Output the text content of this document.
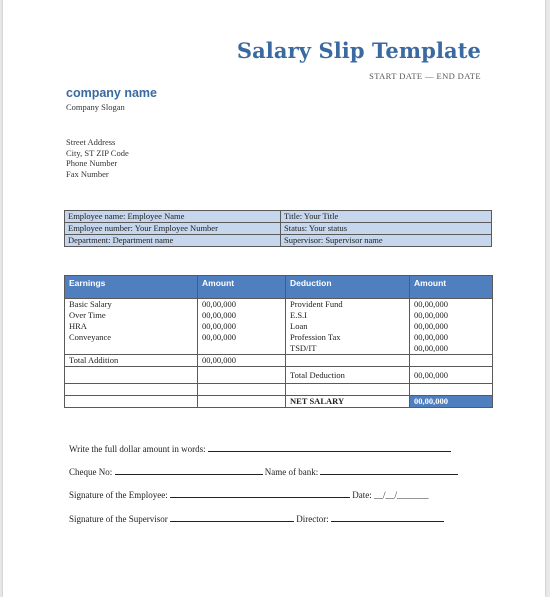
Salary Slip Template
START DATE — END DATE
company name
Company Slogan
Street Address
City, ST ZIP Code
Phone Number
Fax Number
Employee name: Employee Name	Title: Your Title
Employee number: Your Employee Number	Status: Your status
Department: Department name	Supervisor: Supervisor name
Earnings	Amount	Deduction	Amount
Basic Salary	00,00,000	Provident Fund	00,00,000
Over Time	00,00,000	E.S.I	00,00,000
HRA	00,00,000	Loan	00,00,000
Conveyance	00,00,000	Profession Tax	00,00,000
		TSD/IT	00,00,000
Total Addition	00,00,000		
		Total Deduction	00,00,000

		NET SALARY	00,00,000
Write the full dollar amount in words:
Cheque No:	Name of bank:
Signature of the Employee:	Date: __/__/_______
Signature of the Supervisor	Director:
